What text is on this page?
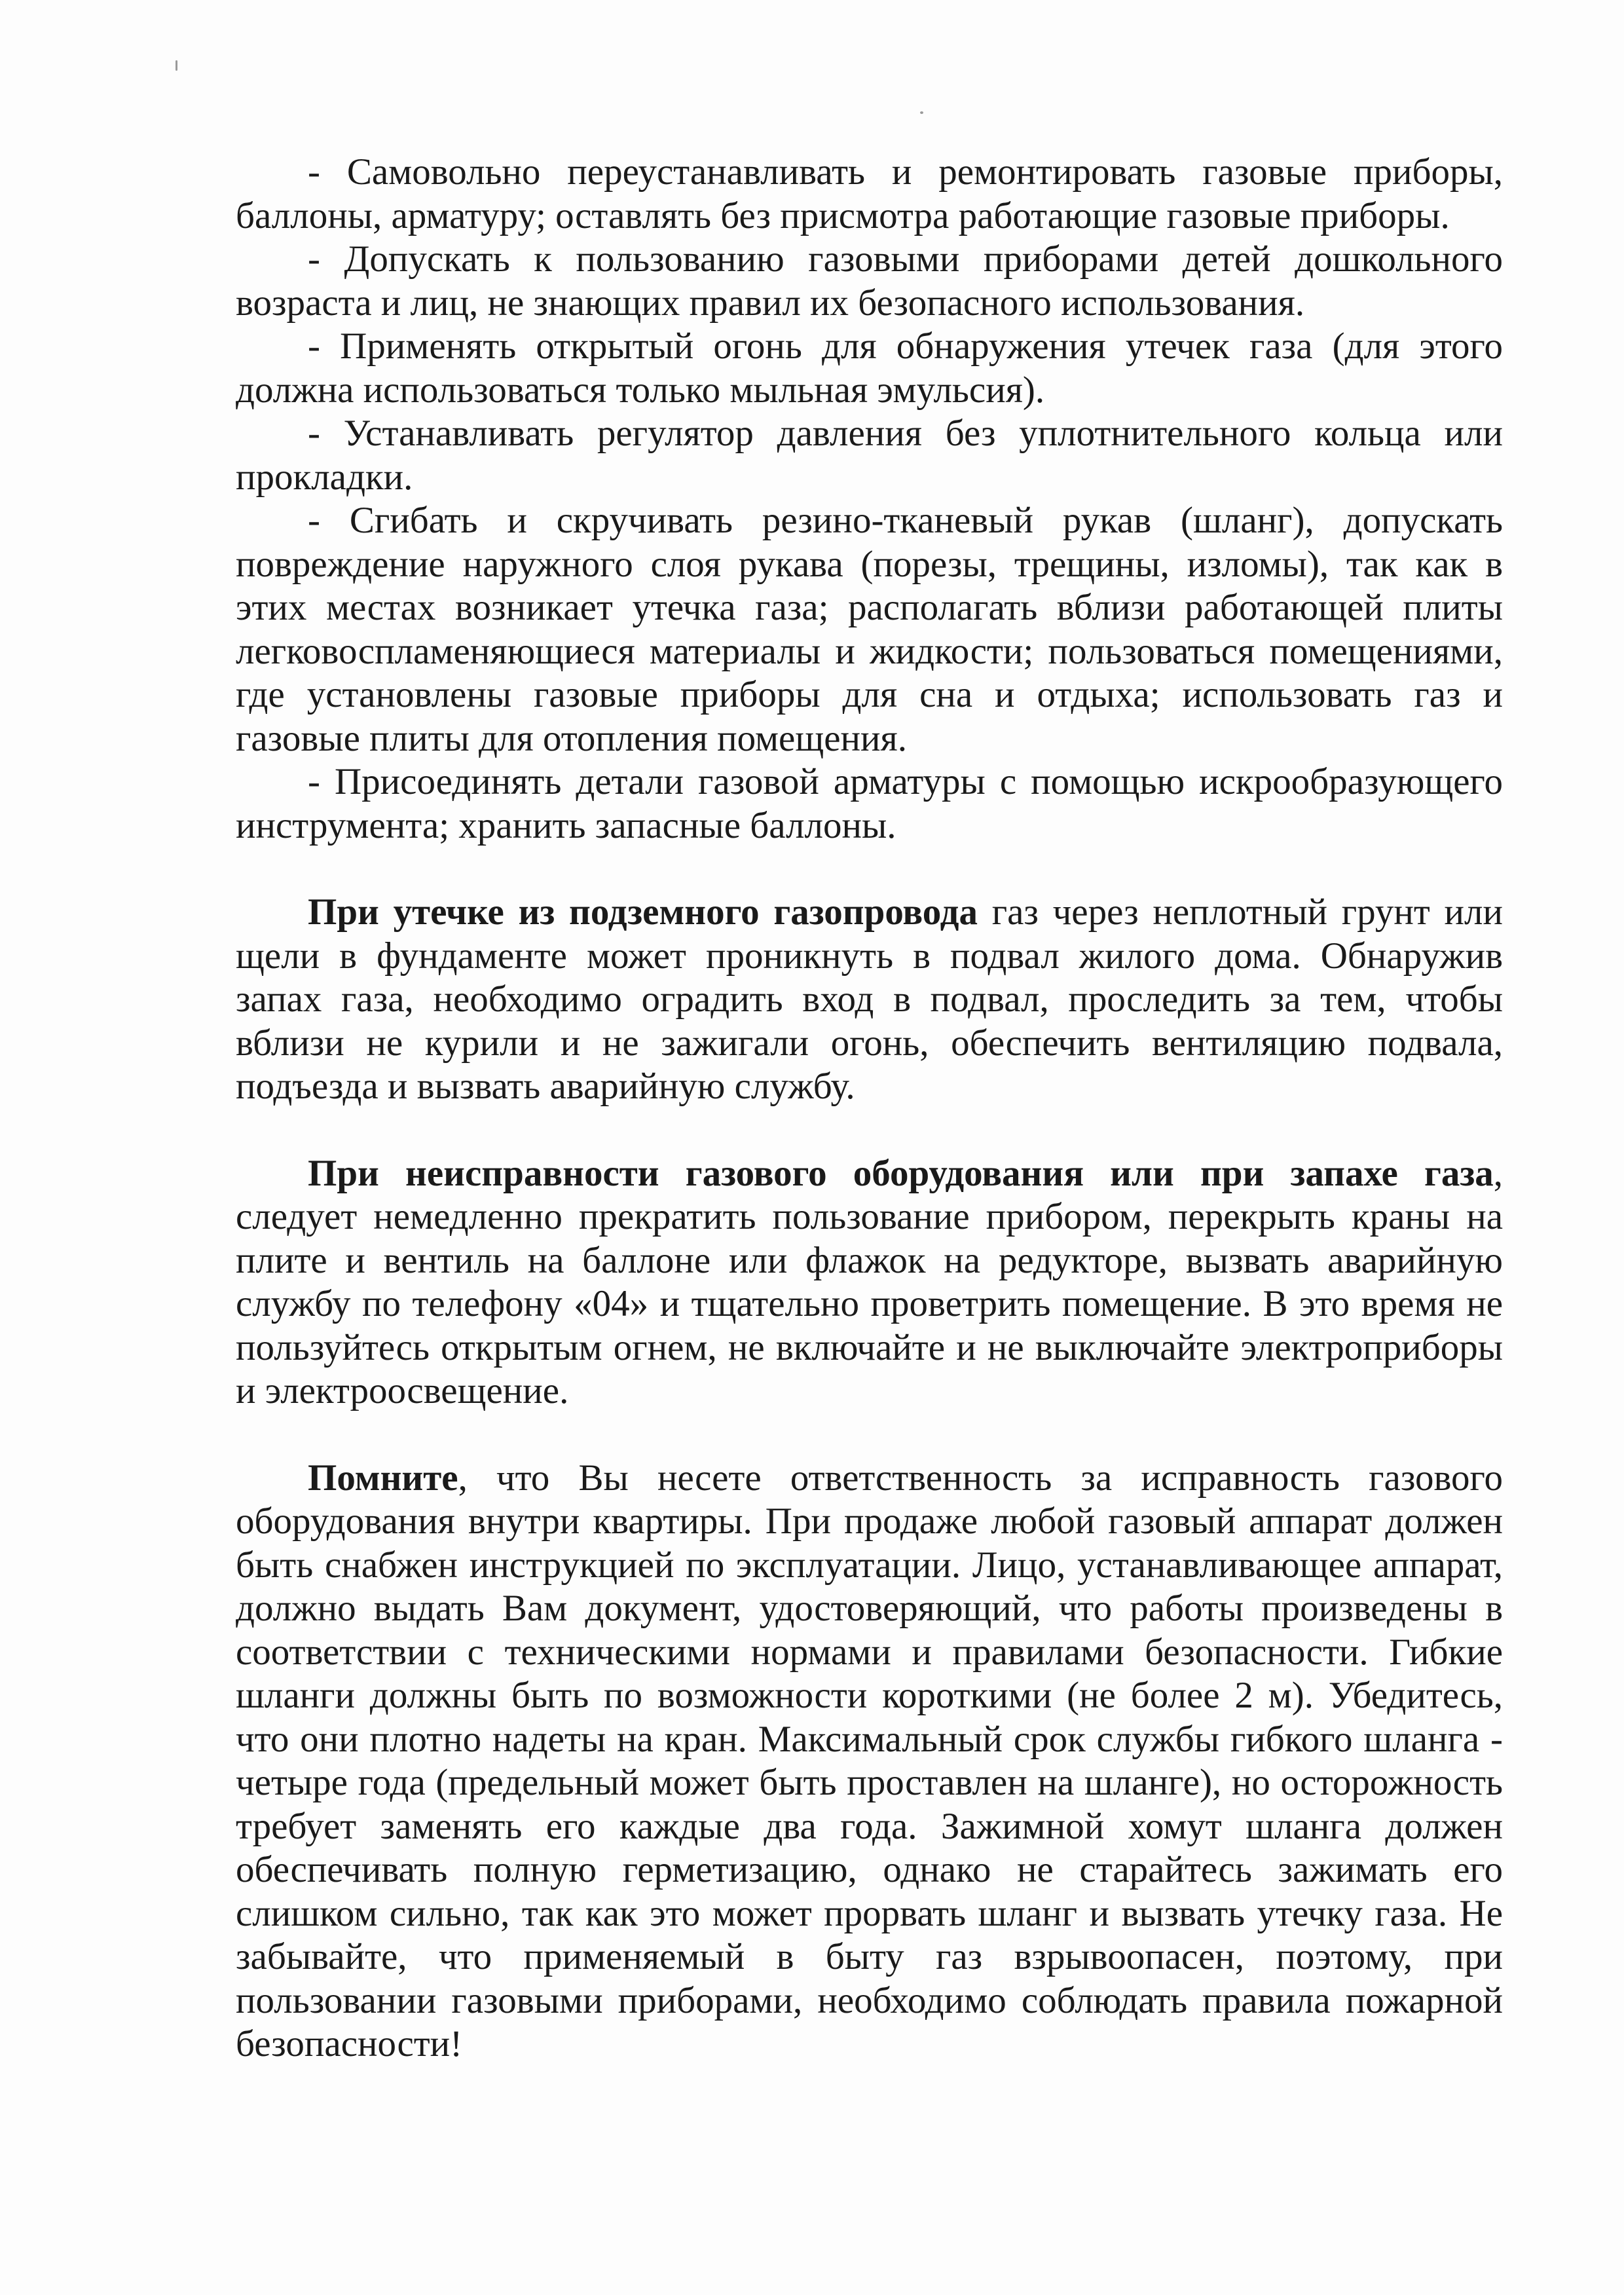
- Самовольно переустанавливать и ремонтировать газовые приборы, баллоны, арматуру; оставлять без присмотра работающие газовые приборы.

- Допускать к пользованию газовыми приборами детей дошкольного возраста и лиц, не знающих правил их безопасного использования.

- Применять открытый огонь для обнаружения утечек газа (для этого должна использоваться только мыльная эмульсия).

- Устанавливать регулятор давления без уплотнительного кольца или прокладки.

- Сгибать и скручивать резино-тканевый рукав (шланг), допускать повреждение наружного слоя рукава (порезы, трещины, изломы), так как в этих местах возникает утечка газа; располагать вблизи работающей плиты легковоспламеняющиеся материалы и жидкости; пользоваться помещениями, где установлены газовые приборы для сна и отдыха; использовать газ и газовые плиты для отопления помещения.

- Присоединять детали газовой арматуры с помощью искрообразующего инструмента; хранить запасные баллоны.

При утечке из подземного газопровода газ через неплотный грунт или щели в фундаменте может проникнуть в подвал жилого дома. Обнаружив запах газа, необходимо оградить вход в подвал, проследить за тем, чтобы вблизи не курили и не зажигали огонь, обеспечить вентиляцию подвала, подъезда и вызвать аварийную службу.

При неисправности газового оборудования или при запахе газа, следует немедленно прекратить пользование прибором, перекрыть краны на плите и вентиль на баллоне или флажок на редукторе, вызвать аварийную службу по телефону «04» и тщательно проветрить помещение. В это время не пользуйтесь открытым огнем, не включайте и не выключайте электроприборы и электроосвещение.

Помните, что Вы несете ответственность за исправность газового оборудования внутри квартиры. При продаже любой газовый аппарат должен быть снабжен инструкцией по эксплуатации. Лицо, устанавливающее аппарат, должно выдать Вам документ, удостоверяющий, что работы произведены в соответствии с техническими нормами и правилами безопасности. Гибкие шланги должны быть по возможности короткими (не более 2 м). Убедитесь, что они плотно надеты на кран. Максимальный срок службы гибкого шланга - четыре года (предельный может быть проставлен на шланге), но осторожность требует заменять его каждые два года. Зажимной хомут шланга должен обеспечивать полную герметизацию, однако не старайтесь зажимать его слишком сильно, так как это может прорвать шланг и вызвать утечку газа. Не забывайте, что применяемый в быту газ взрывоопасен, поэтому, при пользовании газовыми приборами, необходимо соблюдать правила пожарной безопасности!
